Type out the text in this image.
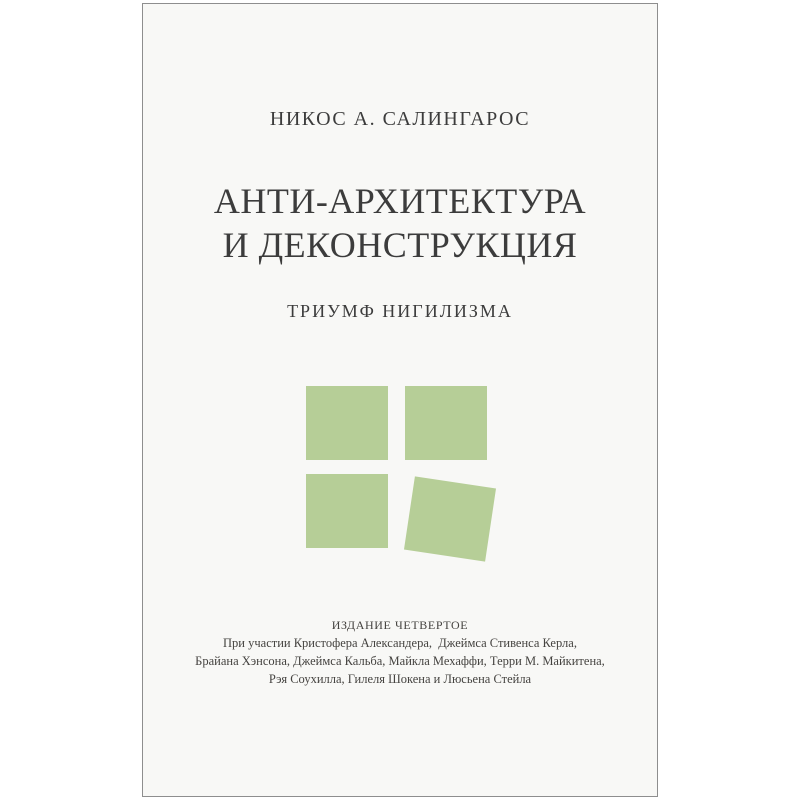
НИКОС А. САЛИНГАРОС
АНТИ-АРХИТЕКТУРА
И ДЕКОНСТРУКЦИЯ
ТРИУМФ НИГИЛИЗМА
ИЗДАНИЕ ЧЕТВЕРТОЕ
При участии Кристофера Александера,  Джеймса Стивенса Керла,
Брайана Хэнсона, Джеймса Кальба, Майкла Мехаффи, Терри М. Майкитена,
Рэя Соухилла, Гилеля Шокена и Люсьена Стейла
